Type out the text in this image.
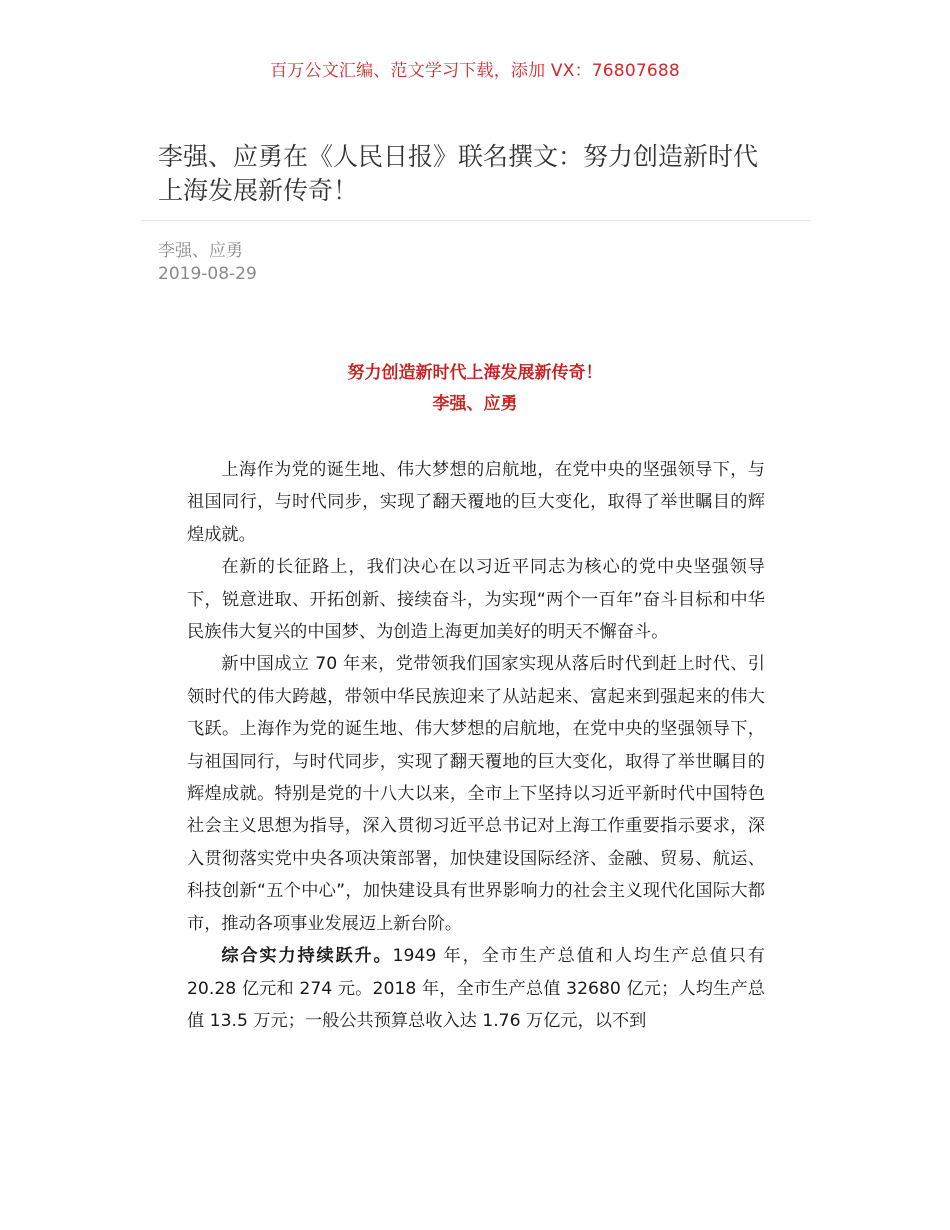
百万公文汇编、范文学习下载，添加 VX：76807688
李强、应勇在《人民日报》联名撰文：努力创造新时代
上海发展新传奇！
李强、应勇
2019-08-29
努力创造新时代上海发展新传奇！
李强、应勇

上海作为党的诞生地、伟大梦想的启航地，在党中央的坚强领导下，与祖国同行，与时代同步，实现了翻天覆地的巨大变化，取得了举世瞩目的辉煌成就。

在新的长征路上，我们决心在以习近平同志为核心的党中央坚强领导下，锐意进取、开拓创新、接续奋斗，为实现“两个一百年”奋斗目标和中华民族伟大复兴的中国梦、为创造上海更加美好的明天不懈奋斗。

新中国成立 70 年来，党带领我们国家实现从落后时代到赶上时代、引领时代的伟大跨越，带领中华民族迎来了从站起来、富起来到强起来的伟大飞跃。上海作为党的诞生地、伟大梦想的启航地，在党中央的坚强领导下，与祖国同行，与时代同步，实现了翻天覆地的巨大变化，取得了举世瞩目的辉煌成就。特别是党的十八大以来，全市上下坚持以习近平新时代中国特色社会主义思想为指导，深入贯彻习近平总书记对上海工作重要指示要求，深入贯彻落实党中央各项决策部署，加快建设国际经济、金融、贸易、航运、科技创新“五个中心”，加快建设具有世界影响力的社会主义现代化国际大都市，推动各项事业发展迈上新台阶。

综合实力持续跃升。1949 年，全市生产总值和人均生产总值只有 20.28 亿元和 274 元。2018 年，全市生产总值 32680 亿元；人均生产总值 13.5 万元；一般公共预算总收入达 1.76 万亿元，以不到
